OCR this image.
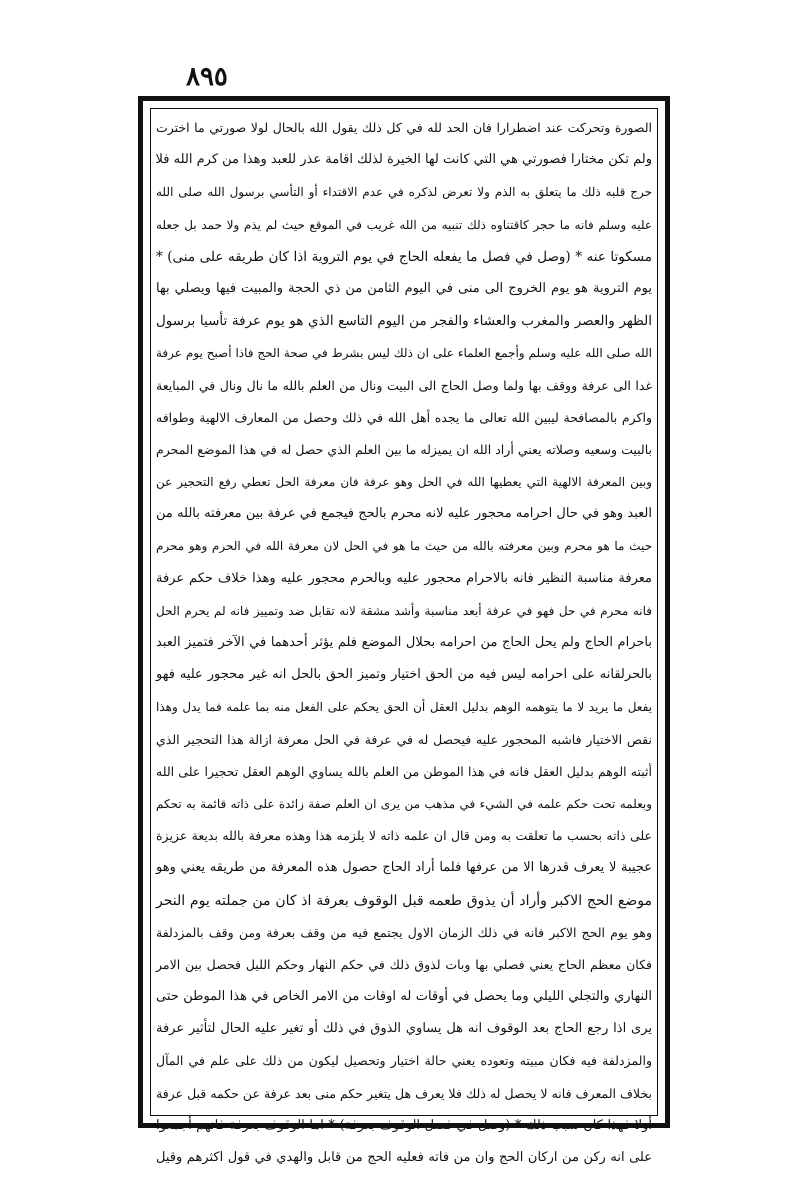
٨٩٥
الصورة وتحركت عند اضطرارا فان الحد لله في كل ذلك يقول الله بالحال لولا صورتي ما اخترت
ولم تكن مختارا فصورتي هي التي كانت لها الخيرة لذلك اقامة عذر للعبد وهذا من كرم الله فلا
حرج قلبه ذلك ما يتعلق به الذم ولا تعرض لذكره في عدم الاقتداء أو التأسي برسول الله صلى الله
عليه وسلم فانه ما حجر كاقتناوه ذلك تنبيه من الله غريب في الموقع حيث لم يذم ولا حمد بل جعله
مسكوتا عنه * (وصل في فصل ما يفعله الحاج في يوم التروية اذا كان طريقه على منى) *
يوم التروية هو يوم الخروج الى منى في اليوم الثامن من ذي الحجة والمبيت فيها ويصلي بها
الظهر والعصر والمغرب والعشاء والفجر من اليوم التاسع الذي هو يوم عرفة تأسيا برسول
الله صلى الله عليه وسلم وأجمع العلماء على ان ذلك ليس بشرط في صحة الحج فاذا أصبح يوم عرفة
غدا الى عرفة ووقف بها ولما وصل الحاج الى البيت ونال من العلم بالله ما نال ونال في المبايعة
واكرم بالمصافحة ليبين الله تعالى ما يجده أهل الله في ذلك وحصل من المعارف الالهية وطوافه
بالبيت وسعيه وصلاته يعني أراد الله ان يميزله ما بين العلم الذي حصل له في هذا الموضع المحرم
وبين المعرفة الالهية التي يعطيها الله في الحل وهو عرفة فان معرفة الحل تعطي رفع التحجير عن
العبد وهو في حال احرامه محجور عليه لانه محرم بالحج فيجمع في عرفة بين معرفته بالله من
حيث ما هو محرم وبين معرفته بالله من حيث ما هو في الحل لان معرفة الله في الحرم وهو محرم
معرفة مناسبة النظير فانه بالاحرام محجور عليه وبالحرم محجور عليه وهذا خلاف حكم عرفة
فانه محرم في حل فهو في عرفة أبعد مناسبة وأشد مشقة لانه تقابل ضد وتمييز فانه لم يحرم الحل
باحرام الحاج ولم يحل الحاج من احرامه بحلال الموضع فلم يؤثر أحدهما في الآخر فتميز العبد
بالحرلقانه على احرامه ليس فيه من الحق اختيار وتميز الحق بالحل انه غير محجور عليه فهو
يفعل ما يريد لا ما يتوهمه الوهم بدليل العقل أن الحق يحكم على الفعل منه بما علمه فما يدل وهذا
نقص الاختيار فاشبه المحجور عليه فيحصل له في عرفة في الحل معرفة ازالة هذا التحجير الذي
أثبته الوهم بدليل العقل فانه في هذا الموطن من العلم بالله يساوي الوهم العقل تحجيرا على الله
وبعلمه تحت حكم علمه في الشيء في مذهب من يرى ان العلم صفة زائدة على ذاته قائمة به تحكم
على ذاته بحسب ما تعلقت به ومن قال ان علمه ذاته لا يلزمه هذا وهذه معرفة بالله بديعة عزيزة
عجيبة لا يعرف قدرها الا من عرفها فلما أراد الحاج حصول هذه المعرفة من طريقه يعني وهو
موضع الحج الاكبر وأراد أن يذوق طعمه قبل الوقوف بعرفة اذ كان من جملته يوم النحر
وهو يوم الحج الاكبر فانه في ذلك الزمان الاول يجتمع فيه من وقف بعرفة ومن وقف بالمزدلفة
فكان معظم الحاج يعني فصلي بها وبات لذوق ذلك في حكم النهار وحكم الليل فحصل بين الامر
النهاري والتجلي الليلي وما يحصل في أوقات له اوقات من الامر الخاص في هذا الموطن حتى
يرى اذا رجع الحاج بعد الوقوف انه هل يساوي الذوق في ذلك أو تغير عليه الحال لتأثير عرفة
والمزدلفة فيه فكان مبيته وتعوده يعني حالة اختيار وتحصيل ليكون من ذلك على علم في المآل
بخلاف المعرف فانه لا يحصل له ذلك فلا يعرف هل يتغير حكم منى بعد عرفة عن حكمه قبل عرفة
أولا فهذا كان سبب ذلك * (وصل في فصل الوقوف بعرفة) * اما الوقوف بعرفة فانهم أجمعوا
على انه ركن من اركان الحج وان من فاته فعليه الحج من قابل والهدي في قول اكثرهم وقيل
